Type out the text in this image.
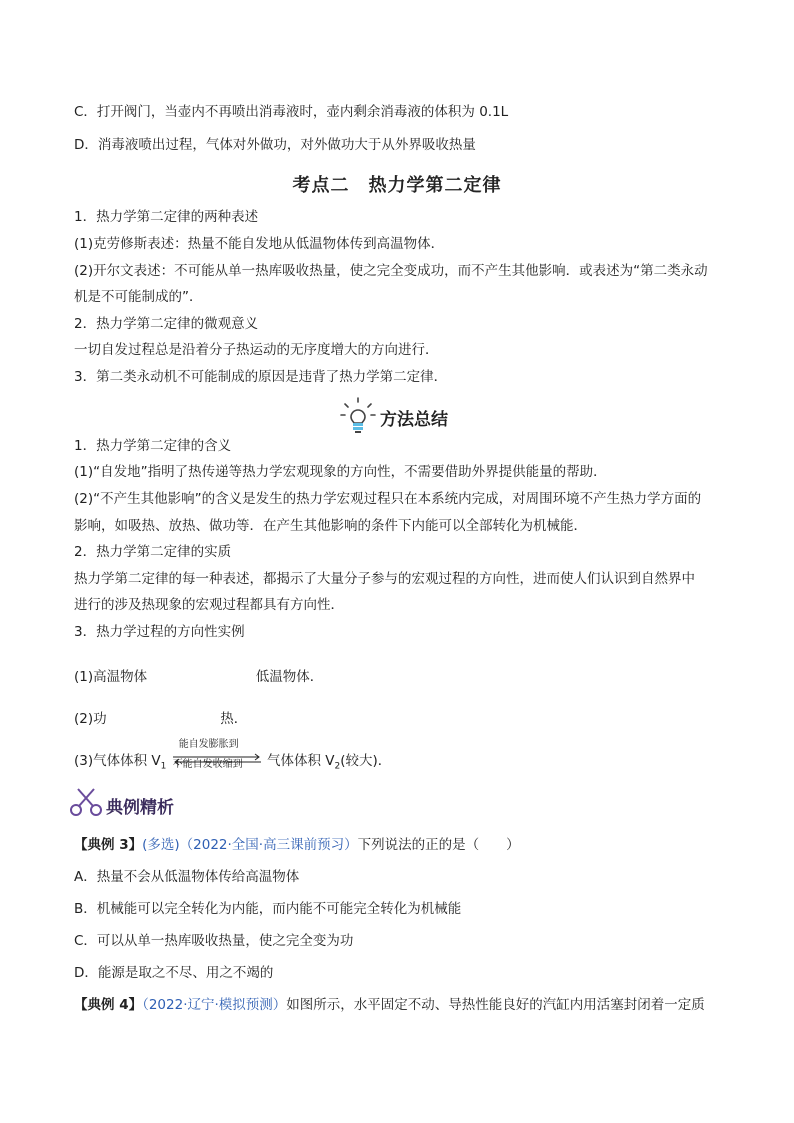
C．打开阀门，当壶内不再喷出消毒液时，壶内剩余消毒液的体积为 0.1L
D．消毒液喷出过程，气体对外做功，对外做功大于从外界吸收热量
考点二　热力学第二定律
1．热力学第二定律的两种表述
(1)克劳修斯表述：热量不能自发地从低温物体传到高温物体．
(2)开尔文表述：不可能从单一热库吸收热量，使之完全变成功，而不产生其他影响．或表述为“第二类永动
机是不可能制成的”．
2．热力学第二定律的微观意义
一切自发过程总是沿着分子热运动的无序度增大的方向进行．
3．第二类永动机不可能制成的原因是违背了热力学第二定律．
方法总结
1．热力学第二定律的含义
(1)“自发地”指明了热传递等热力学宏观现象的方向性，不需要借助外界提供能量的帮助．
(2)“不产生其他影响”的含义是发生的热力学宏观过程只在本系统内完成，对周围环境不产生热力学方面的
影响，如吸热、放热、做功等．在产生其他影响的条件下内能可以全部转化为机械能．
2．热力学第二定律的实质
热力学第二定律的每一种表述，都揭示了大量分子参与的宏观过程的方向性，进而使人们认识到自然界中
进行的涉及热现象的宏观过程都具有方向性．
3．热力学过程的方向性实例
(1)高温物体	低温物体．
(2)功	热．
(3)气体体积 $V_1$
能自发膨胀到
不能自发收缩到 气体体积 $V_2$(较大)．
典例精析
【典例 3】(多选)（2022·全国·高三课前预习）下列说法的正的是（　　）
A．热量不会从低温物体传给高温物体
B．机械能可以完全转化为内能，而内能不可能完全转化为机械能
C．可以从单一热库吸收热量，使之完全变为功
D．能源是取之不尽、用之不竭的
【典例 4】（2022·辽宁·模拟预测）如图所示，水平固定不动、导热性能良好的汽缸内用活塞封闭着一定质
